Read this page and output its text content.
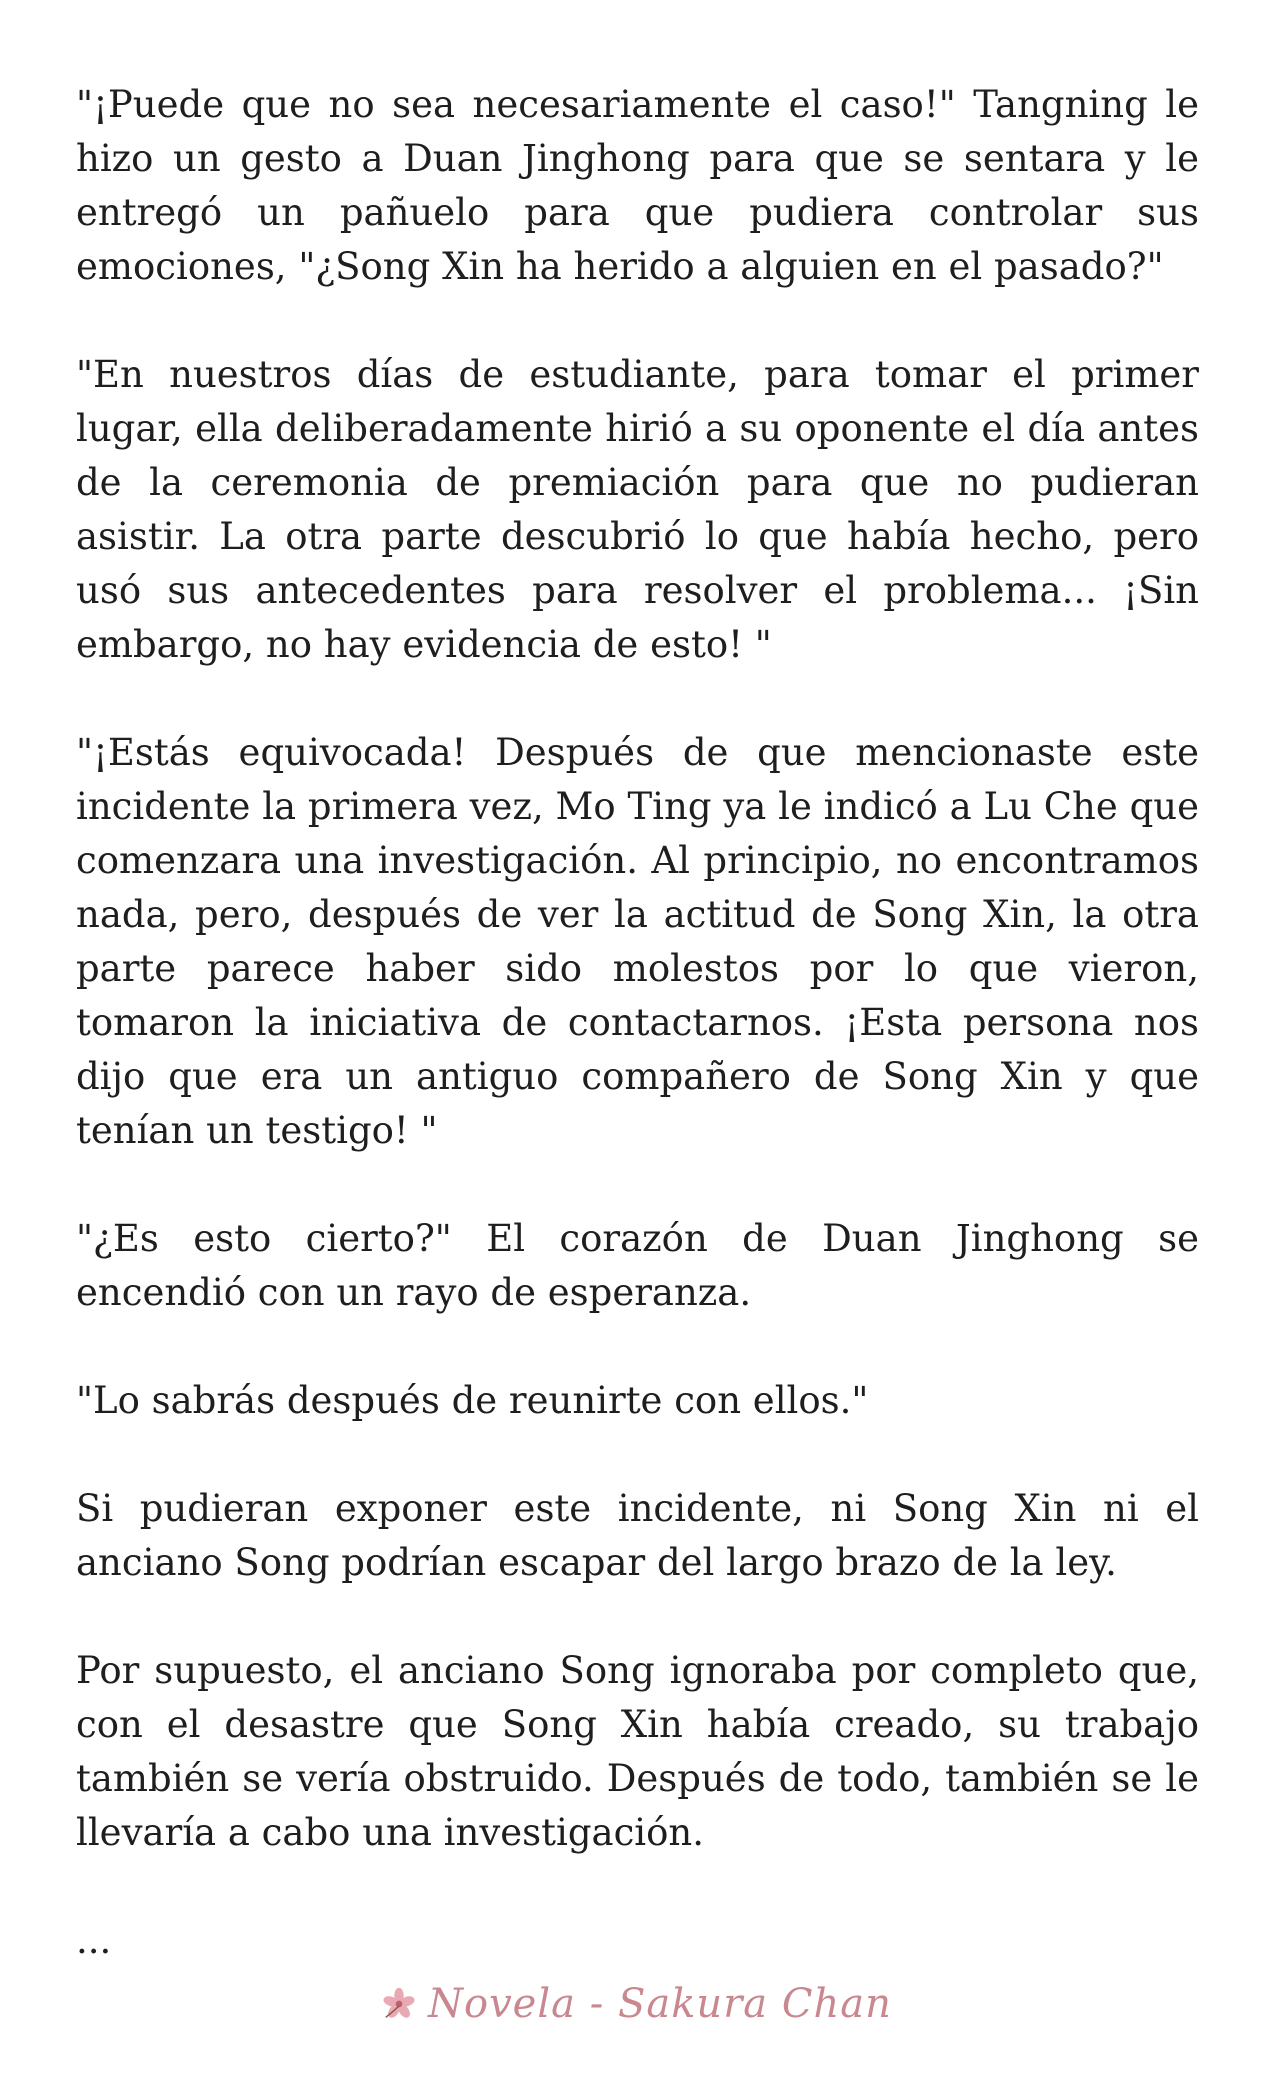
"¡Puede que no sea necesariamente el caso!" Tangning le hizo un gesto a Duan Jinghong para que se sentara y le entregó un pañuelo para que pudiera controlar sus emociones, "¿Song Xin ha herido a alguien en el pasado?"

"En nuestros días de estudiante, para tomar el primer lugar, ella deliberadamente hirió a su oponente el día antes de la ceremonia de premiación para que no pudieran asistir. La otra parte descubrió lo que había hecho, pero usó sus antecedentes para resolver el problema... ¡Sin embargo, no hay evidencia de esto! "

"¡Estás equivocada! Después de que mencionaste este incidente la primera vez, Mo Ting ya le indicó a Lu Che que comenzara una investigación. Al principio, no encontramos nada, pero, después de ver la actitud de Song Xin, la otra parte parece haber sido molestos por lo que vieron, tomaron la iniciativa de contactarnos. ¡Esta persona nos dijo que era un antiguo compañero de Song Xin y que tenían un testigo! "

"¿Es esto cierto?" El corazón de Duan Jinghong se encendió con un rayo de esperanza.

"Lo sabrás después de reunirte con ellos."

Si pudieran exponer este incidente, ni Song Xin ni el anciano Song podrían escapar del largo brazo de la ley.

Por supuesto, el anciano Song ignoraba por completo que, con el desastre que Song Xin había creado, su trabajo también se vería obstruido. Después de todo, también se le llevaría a cabo una investigación.

...

Novela - Sakura Chan
